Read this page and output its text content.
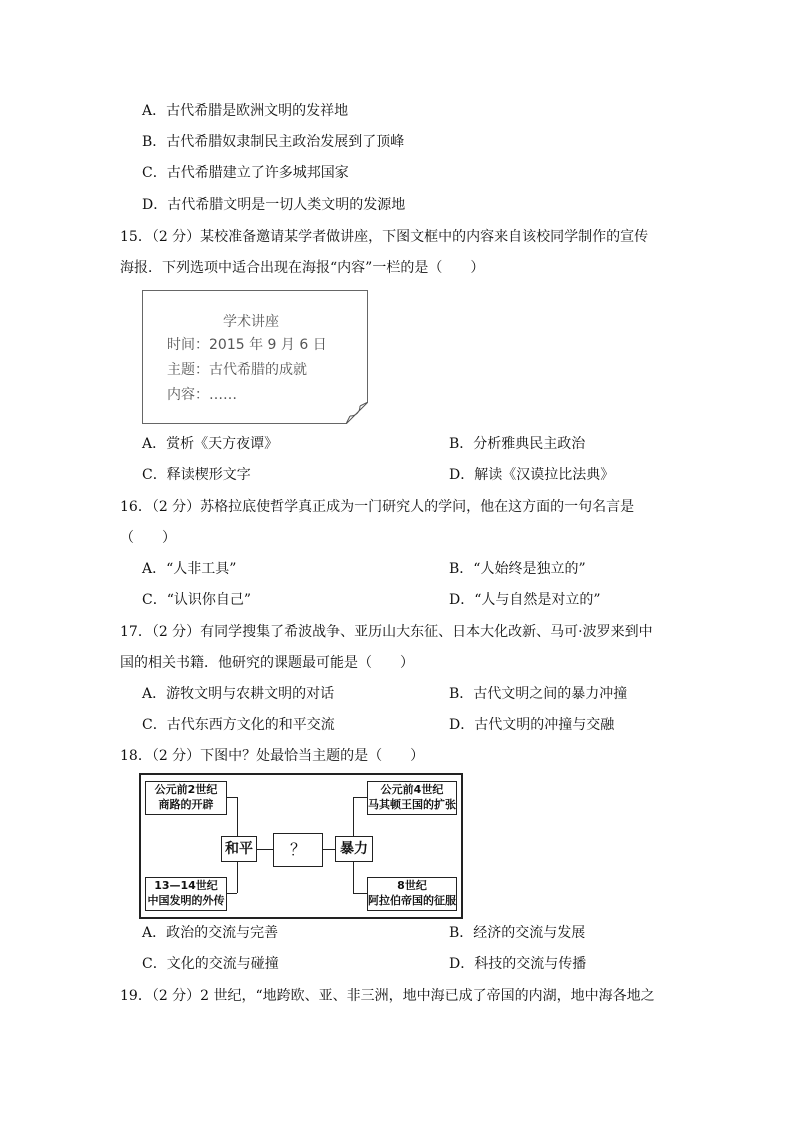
A．古代希腊是欧洲文明的发祥地
B．古代希腊奴隶制民主政治发展到了顶峰
C．古代希腊建立了许多城邦国家
D．古代希腊文明是一切人类文明的发源地
15．（2 分）某校准备邀请某学者做讲座，下图文框中的内容来自该校同学制作的宣传
海报．下列选项中适合出现在海报“内容”一栏的是（　　）
学术讲座
时间：2015 年 9 月 6 日
主题：古代希腊的成就
内容：……
A．赏析《天方夜谭》	B．分析雅典民主政治
C．释读楔形文字	D．解读《汉谟拉比法典》
16．（2 分）苏格拉底使哲学真正成为一门研究人的学问，他在这方面的一句名言是
（　　）
A．“人非工具”	B．“人始终是独立的”
C．“认识你自己”	D．“人与自然是对立的”
17．（2 分）有同学搜集了希波战争、亚历山大东征、日本大化改新、马可·波罗来到中
国的相关书籍．他研究的课题最可能是（　　）
A．游牧文明与农耕文明的对话	B．古代文明之间的暴力冲撞
C．古代东西方文化的和平交流	D．古代文明的冲撞与交融
18．（2 分）下图中？处最恰当主题的是（　　）
公元前2世纪
商路的开辟
13—14世纪
中国发明的外传
公元前4世纪
马其顿王国的扩张
8世纪
阿拉伯帝国的征服
和平	？	暴力
A．政治的交流与完善	B．经济的交流与发展
C．文化的交流与碰撞	D．科技的交流与传播
19．（2 分）2 世纪，“地跨欧、亚、非三洲，地中海已成了帝国的内湖，地中海各地之
